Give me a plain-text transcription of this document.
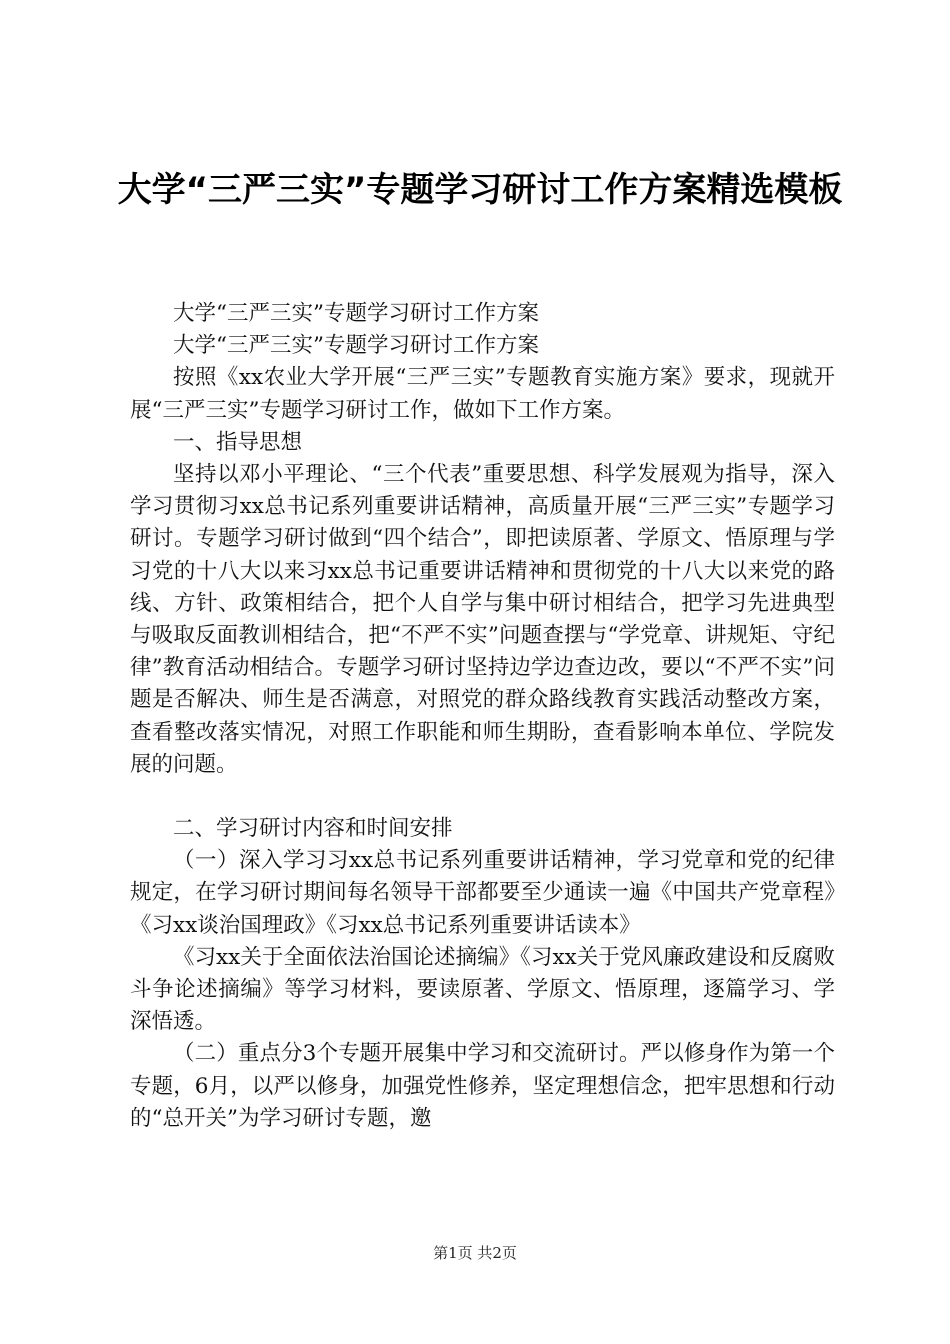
大学“三严三实”专题学习研讨工作方案精选模板

大学“三严三实”专题学习研讨工作方案

大学“三严三实”专题学习研讨工作方案

按照《xx农业大学开展“三严三实”专题教育实施方案》要求，现就开展“三严三实”专题学习研讨工作，做如下工作方案。

一、指导思想

坚持以邓小平理论、“三个代表”重要思想、科学发展观为指导，深入学习贯彻习xx总书记系列重要讲话精神，高质量开展“三严三实”专题学习研讨。专题学习研讨做到“四个结合”，即把读原著、学原文、悟原理与学习党的十八大以来习xx总书记重要讲话精神和贯彻党的十八大以来党的路线、方针、政策相结合，把个人自学与集中研讨相结合，把学习先进典型与吸取反面教训相结合，把“不严不实”问题查摆与“学党章、讲规矩、守纪律”教育活动相结合。专题学习研讨坚持边学边查边改，要以“不严不实”问题是否解决、师生是否满意，对照党的群众路线教育实践活动整改方案，查看整改落实情况，对照工作职能和师生期盼，查看影响本单位、学院发展的问题。

二、学习研讨内容和时间安排

（一）深入学习习xx总书记系列重要讲话精神，学习党章和党的纪律规定，在学习研讨期间每名领导干部都要至少通读一遍《中国共产党章程》《习xx谈治国理政》《习xx总书记系列重要讲话读本》

《习xx关于全面依法治国论述摘编》《习xx关于党风廉政建设和反腐败斗争论述摘编》等学习材料，要读原著、学原文、悟原理，逐篇学习、学深悟透。

（二）重点分3个专题开展集中学习和交流研讨。严以修身作为第一个专题，6月，以严以修身，加强党性修养，坚定理想信念，把牢思想和行动的“总开关”为学习研讨专题，邀

第1页 共2页
